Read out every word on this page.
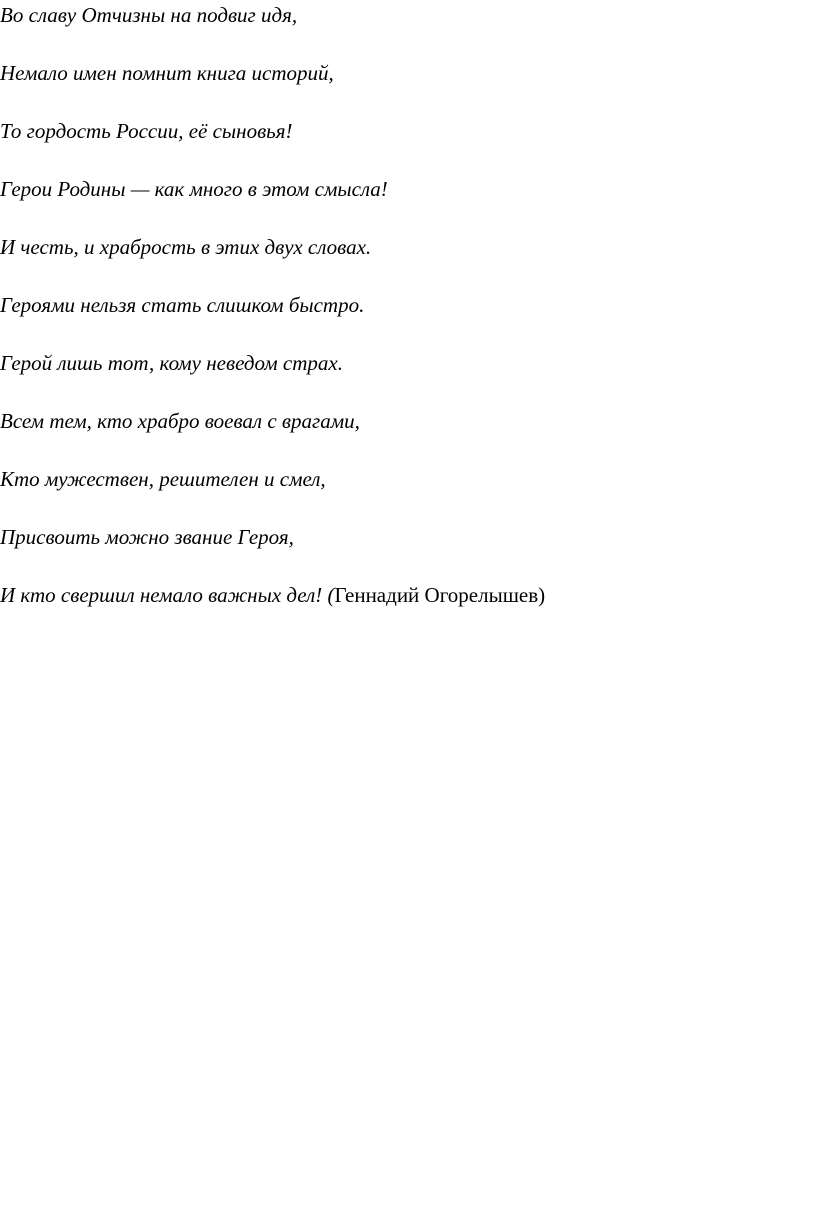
Во славу Отчизны на подвиг идя,

Немало имен помнит книга историй,

То гордость России, её сыновья!

Герои Родины — как много в этом смысла!

И честь, и храбрость в этих двух словах.

Героями нельзя стать слишком быстро.

Герой лишь тот, кому неведом страх.

Всем тем, кто храбро воевал с врагами,

Кто мужествен, решителен и смел,

Присвоить можно звание Героя,

И кто свершил немало важных дел! (Геннадий Огорелышев)
